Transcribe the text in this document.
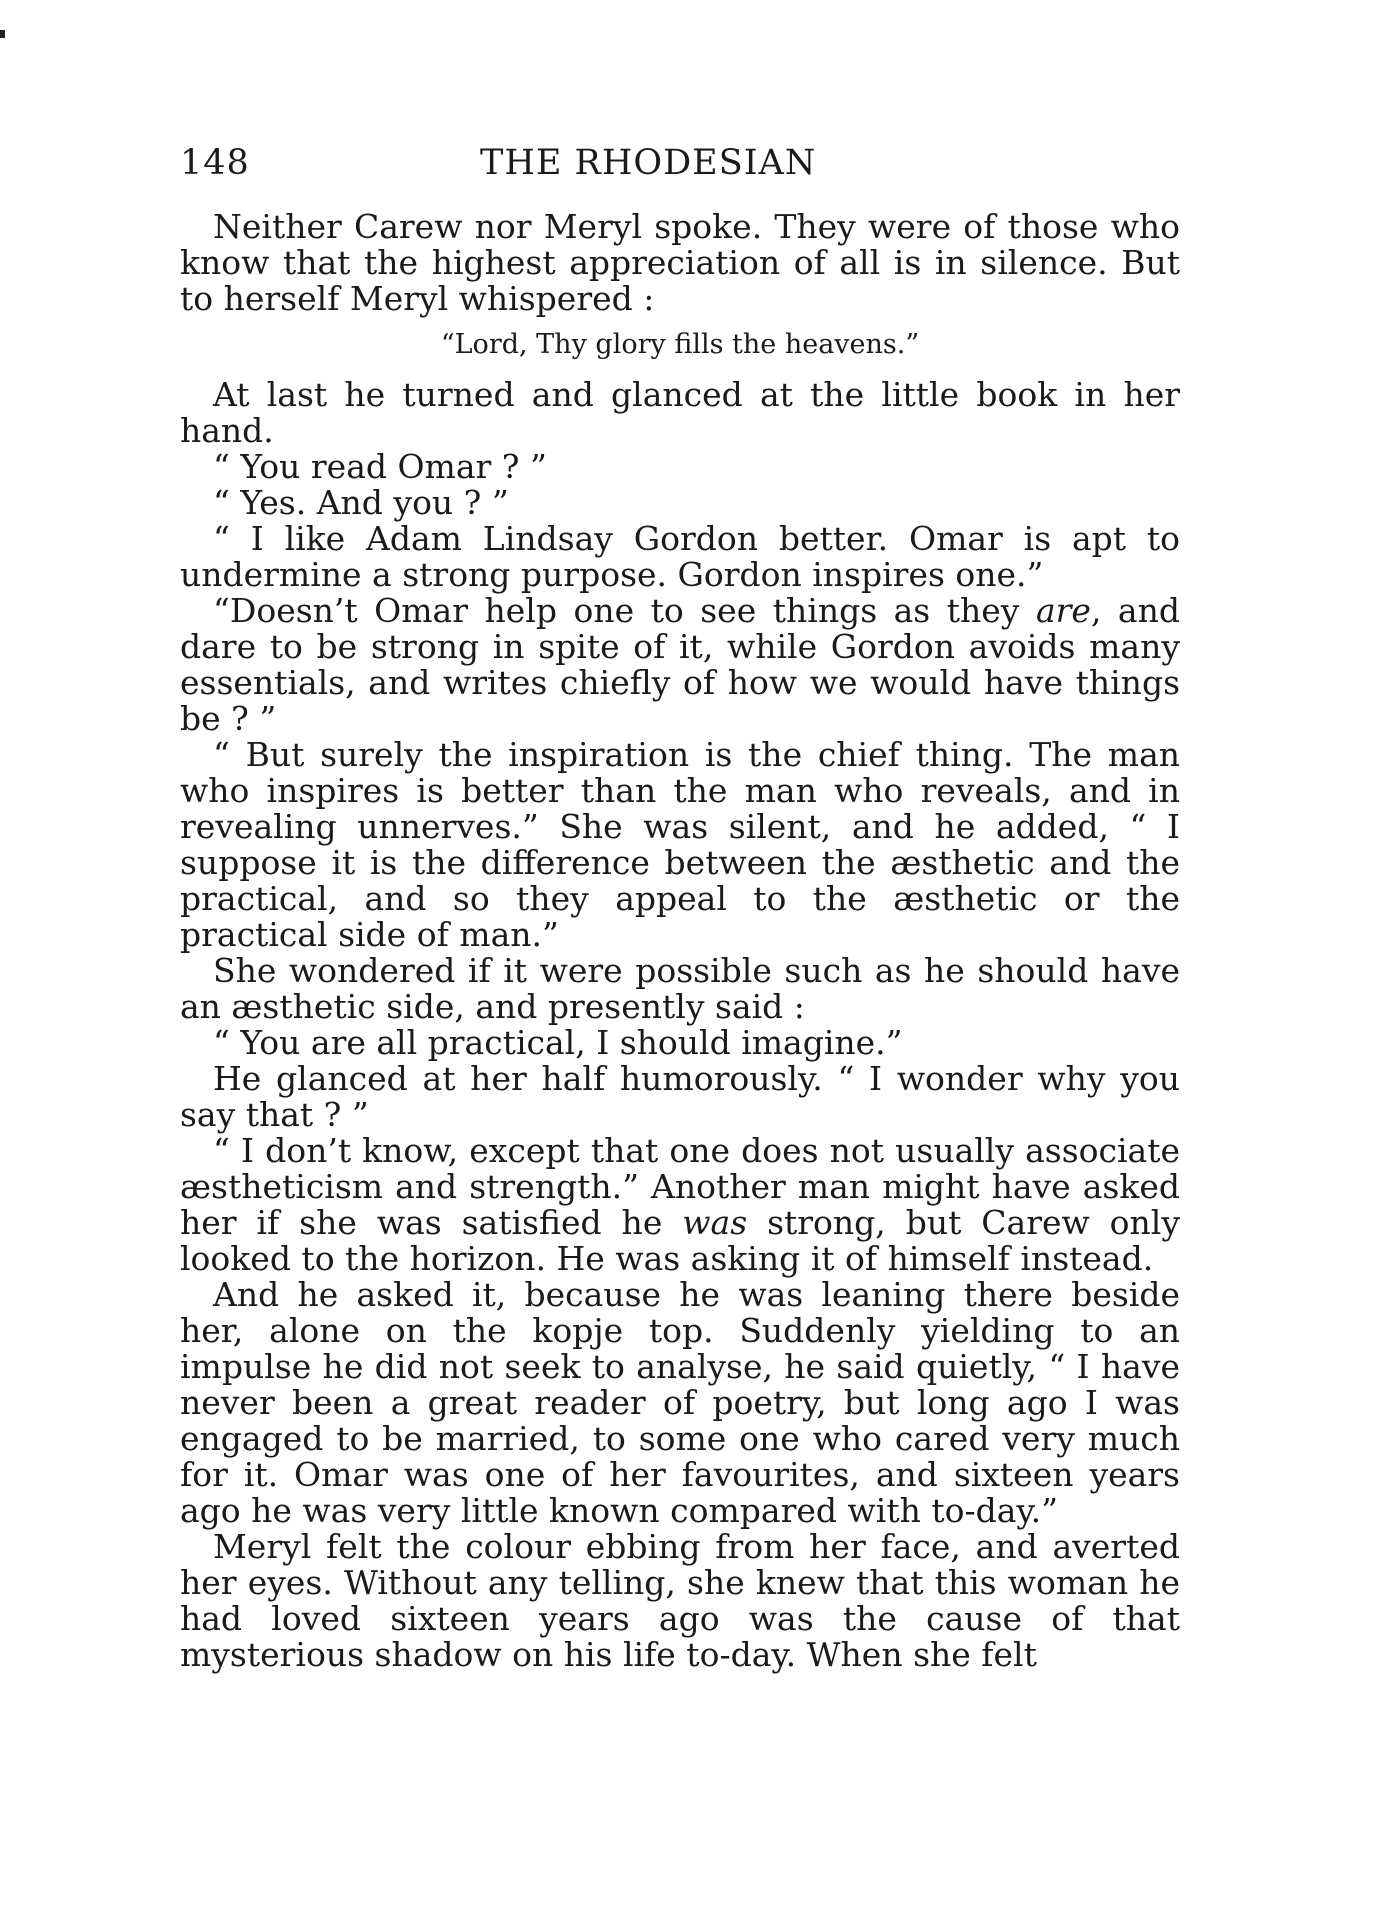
148	THE RHODESIAN

Neither Carew nor Meryl spoke. They were of those who know that the highest appreciation of all is in silence. But to herself Meryl whispered :

“Lord, Thy glory fills the heavens.”

At last he turned and glanced at the little book in her hand.

“ You read Omar ? ”

“ Yes. And you ? ”

“ I like Adam Lindsay Gordon better. Omar is apt to undermine a strong purpose. Gordon inspires one.”

“Doesn’t Omar help one to see things as they are, and dare to be strong in spite of it, while Gordon avoids many essentials, and writes chiefly of how we would have things be ? ”

“ But surely the inspiration is the chief thing. The man who inspires is better than the man who reveals, and in revealing unnerves.” She was silent, and he added, “ I suppose it is the difference between the æsthetic and the practical, and so they appeal to the æsthetic or the practical side of man.”

She wondered if it were possible such as he should have an æsthetic side, and presently said :

“ You are all practical, I should imagine.”

He glanced at her half humorously. “ I wonder why you say that ? ”

“ I don’t know, except that one does not usually associate æstheticism and strength.” Another man might have asked her if she was satisfied he was strong, but Carew only looked to the horizon. He was asking it of himself instead.

And he asked it, because he was leaning there beside her, alone on the kopje top. Suddenly yielding to an impulse he did not seek to analyse, he said quietly, “ I have never been a great reader of poetry, but long ago I was engaged to be married, to some one who cared very much for it. Omar was one of her favourites, and sixteen years ago he was very little known compared with to-day.”

Meryl felt the colour ebbing from her face, and averted her eyes. Without any telling, she knew that this woman he had loved sixteen years ago was the cause of that mysterious shadow on his life to-day. When she felt
